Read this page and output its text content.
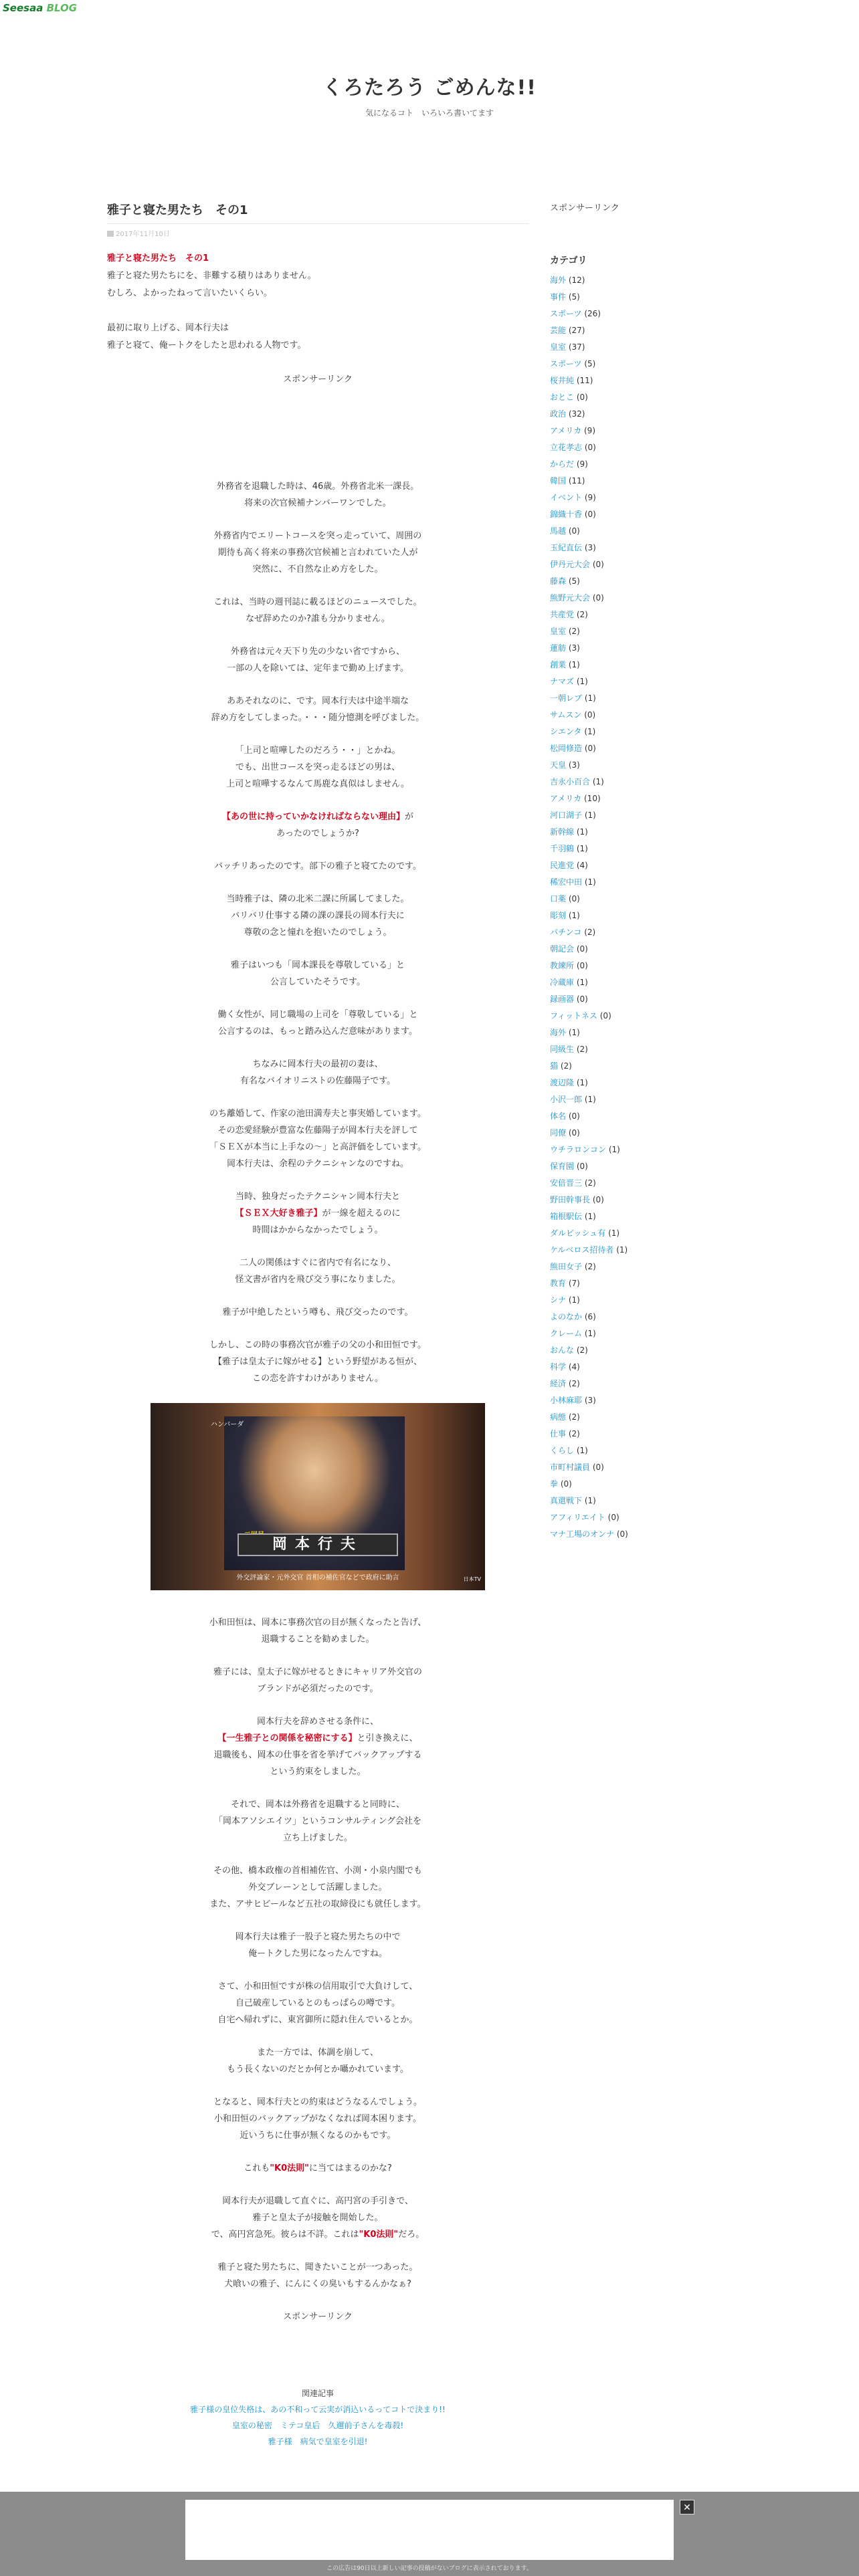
Seesaa BLOG
くろたろう ごめんな!!
気になるコト　いろいろ書いてます
雅子と寝た男たち　その1
2017年11月10日

雅子と寝た男たち　その1
雅子と寝た男たちにを、非難する積りはありません。
むしろ、よかったねって言いたいくらい。

最初に取り上げる、岡本行夫は
雅子と寝て、俺ートクをしたと思われる人物です。

スポンサーリンク

外務省を退職した時は、46歳。外務省北米一課長。
将来の次官候補ナンバーワンでした。

外務省内でエリートコースを突っ走っていて、周囲の
期待も高く将来の事務次官候補と言われていた人が
突然に、不自然な止め方をした。

これは、当時の週刊誌に載るほどのニュースでした。
なぜ辞めたのか?誰も分かりません。

外務省は元々天下り先の少ない省ですから、
一部の人を除いては、定年まで勤め上げます。

ああそれなのに、です。岡本行夫は中途半端な
辞め方をしてしまった。・・・随分憶測を呼びました。

「上司と喧嘩したのだろう・・」とかね。
でも、出世コースを突っ走るほどの男は、
上司と喧嘩するなんて馬鹿な真似はしません。

【あの世に持っていかなければならない理由】が
あったのでしょうか?

バッチリあったのです。部下の雅子と寝てたのです。

当時雅子は、隣の北米二課に所属してました。
バリバリ仕事する隣の課の課長の岡本行夫に
尊敬の念と憧れを抱いたのでしょう。

雅子はいつも「岡本課長を尊敬している」と
公言していたそうです。

働く女性が、同じ職場の上司を「尊敬している」と
公言するのは、もっと踏み込んだ意味があります。

ちなみに岡本行夫の最初の妻は、
有名なバイオリニストの佐藤陽子です。

のち離婚して、作家の池田満寿夫と事実婚しています。
その恋愛経験が豊富な佐藤陽子が岡本行夫を評して
「ＳＥＸが本当に上手なの～」と高評価をしています。
岡本行夫は、余程のテクニシャンなのですね。

当時、独身だったテクニシャン岡本行夫と
【ＳＥＸ大好き雅子】が一線を超えるのに
時間はかからなかったでしょう。

二人の関係はすぐに省内で有名になり、
怪文書が省内を飛び交う事になりました。

雅子が中絶したという噂も、飛び交ったのです。

しかし、この時の事務次官が雅子の父の小和田恒です。
【雅子は皇太子に嫁がせる】という野望がある恒が、
この恋を許すわけがありません。

ハンバーダ
岡本行夫
外交評論家・元外交官 首相の補佐官などで政府に助言	日本TV

小和田恒は、岡本に事務次官の目が無くなったと告げ、
退職することを勧めました。

雅子には、皇太子に嫁がせるときにキャリア外交官の
ブランドが必須だったのです。

岡本行夫を辞めさせる条件に、
【一生雅子との関係を秘密にする】と引き換えに、
退職後も、岡本の仕事を省を挙げてバックアップする
という約束をしました。

それで、岡本は外務省を退職すると同時に、
「岡本アソシエイツ」というコンサルティング会社を
立ち上げました。

その他、橋本政権の首相補佐官、小渕・小泉内閣でも
外交ブレーンとして活躍しました。
また、アサヒビールなど五社の取締役にも就任します。

岡本行夫は雅子一股子と寝た男たちの中で
俺ートクした男になったんですね。

さて、小和田恒ですが株の信用取引で大負けして、
自己破産しているとのもっぱらの噂です。
自宅へ帰れずに、東宮御所に隠れ住んでいるとか。

また一方では、体調を崩して、
もう長くないのだとか何とか囁かれています。

となると、岡本行夫との約束はどうなるんでしょう。
小和田恒のバックアップがなくなれば岡本困ります。
近いうちに仕事が無くなるのかもです。

これも"K0法則"に当てはまるのかな?

岡本行夫が退職して直ぐに、高円宮の手引きで、
雅子と皇太子が接触を開始した。
で、高円宮急死。彼らは不詳。これは"K0法則"だろ。

雅子と寝た男たちに、聞きたいことが一つあった。
犬喰いの雅子、にんにくの臭いもするんかなぁ?

スポンサーリンク

関連記事
雅子様の皇位失格は、あの不和って云実が消込いるってコトで決まり!!
皇室の秘密　ミテコ皇后　久邇前子さんを毒殺!
雅子様　病気で皇室を引退!
スポンサーリンク
カテゴリ
海外 (12)
事件 (5)
スポーツ (26)
芸能 (27)
皇室 (37)
スポーツ (5)
桜井純 (11)
おとこ (0)
政治 (32)
アメリカ (9)
立花孝志 (0)
からだ (9)
韓国 (11)
イベント (9)
錦織十香 (0)
馬越 (0)
玉紀直伝 (3)
伊丹元大会 (0)
藤森 (5)
熊野元大会 (0)
共産党 (2)
皇室 (2)
蓮舫 (3)
創業 (1)
ナマズ (1)
一朝レブ (1)
サムスン (0)
シエンタ (1)
松岡修造 (0)
天皇 (3)
吉永小百合 (1)
アメリカ (10)
河口湖子 (1)
新幹線 (1)
千羽鶴 (1)
民進党 (4)
稀宏中田 (1)
口薬 (0)
彫刻 (1)
パチンコ (2)
朝記会 (0)
教練所 (0)
冷蔵庫 (1)
録画器 (0)
フィットネス (0)
海外 (1)
同級生 (2)
猫 (2)
渡辺隆 (1)
小沢一郎 (1)
体名 (0)
同僚 (0)
ウチラロンコン (1)
保育園 (0)
安倍晋三 (2)
野田幹事長 (0)
箱根駅伝 (1)
ダルビッシュ有 (1)
ケルベロス招待者 (1)
熊田女子 (2)
教育 (7)
シナ (1)
よのなか (6)
クレーム (1)
おんな (2)
科学 (4)
経済 (2)
小林麻耶 (3)
病態 (2)
仕事 (2)
くらし (1)
市町村議員 (0)
拳 (0)
真還戦下 (1)
アフィリエイト (0)
マナ工場のオンナ (0)
✕
この広告は90日以上新しい記事の投稿がないブログに表示されております。
